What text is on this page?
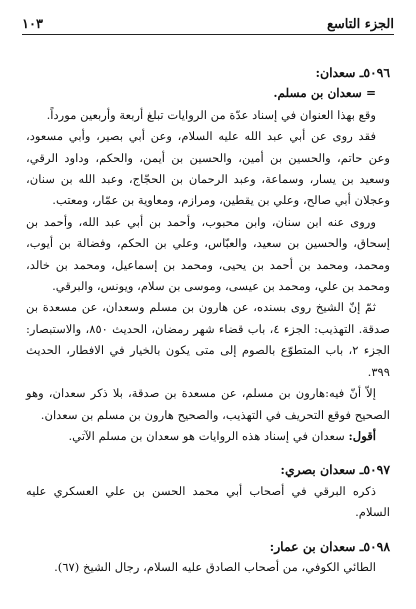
الجزء التاسع
١٠٣

٥٠٩٦ـ سعدان:

= سعدان بن مسلم.

وقع بهذا العنوان في إسناد عدّة من الروايات تبلغ أربعة وأربعين مورداً.

فقد روى عن أبي عبد الله عليه السلام، وعن أبي بصير، وأبي مسعود، وعن حاتم، والحسين بن أمين، والحسين بن أيمن، والحكم، وداود الرقي، وسعيد بن يسار، وسماعة، وعبد الرحمان بن الحجّاج، وعبد الله بن سنان، وعجلان أبي صالح، وعلي بن يقطين، ومرازم، ومعاوية بن عمّار، ومعتب.

وروى عنه ابن سنان، وابن محبوب، وأحمد بن أبي عبد الله، وأحمد بن إسحاق، والحسين بن سعيد، والعبّاس، وعلي بن الحكم، وفضالة بن أيوب، ومحمد، ومحمد بن أحمد بن يحيى، ومحمد بن إسماعيل، ومحمد بن خالد، ومحمد بن علي، ومحمد بن عيسى، وموسى بن سلام، ويونس، والبرقي.

ثمّ إنّ الشيخ روى بسنده، عن هارون بن مسلم وسعدان، عن مسعدة بن صدقة. التهذيب: الجزء ٤، باب قضاء شهر رمضان، الحديث ٨٥٠، والاستبصار: الجزء ٢، باب المتطوّع بالصوم إلى متى يكون بالخيار في الافطار، الحديث ٣٩٩.

إلاّ أنّ فيه:هارون بن مسلم، عن مسعدة بن صدقة، بلا ذكر سعدان، وهو الصحيح فوقع التحريف في التهذيب، والصحيح هارون بن مسلم بن سعدان.

أقول: سعدان في إسناد هذه الروايات هو سعدان بن مسلم الآتي.

٥٠٩٧ـ سعدان بصري:

ذكره البرقي في أصحاب أبي محمد الحسن بن علي العسكري عليه السلام.

٥٠٩٨ـ سعدان بن عمار:

الطائي الكوفي، من أصحاب الصادق عليه السلام، رجال الشيخ (٦٧).
